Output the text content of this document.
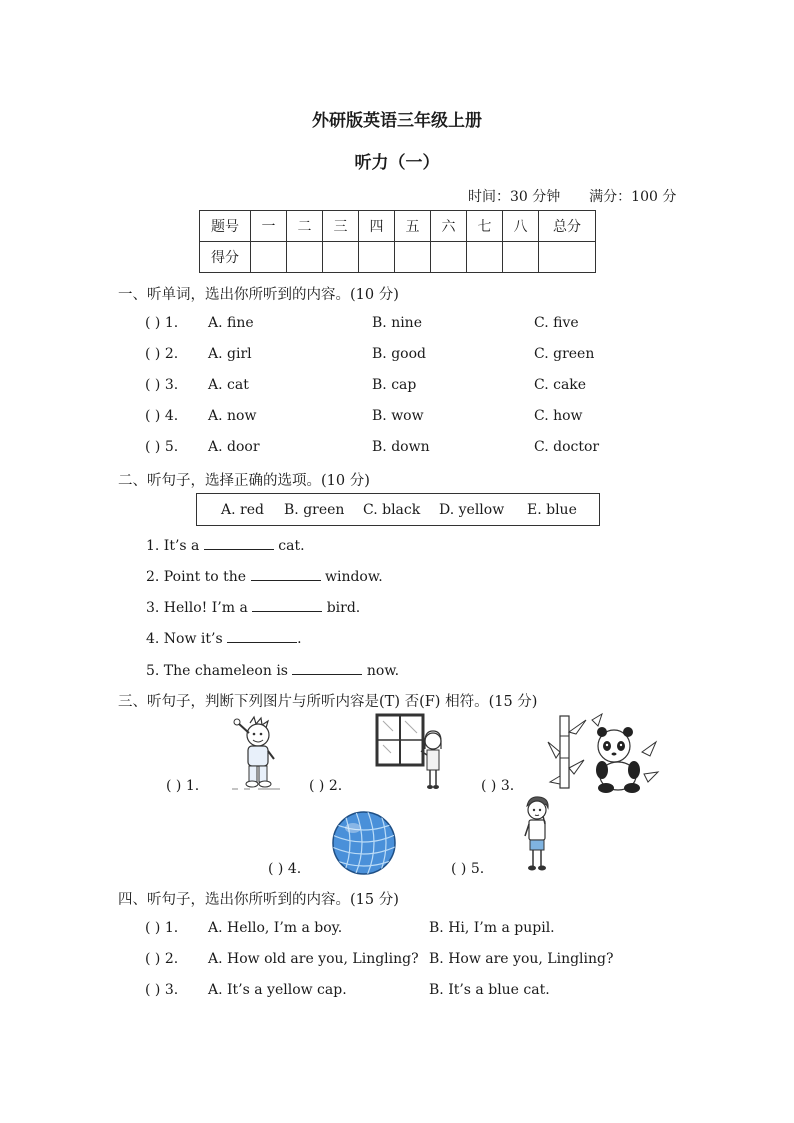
外研版英语三年级上册
听力（一）
时间：30 分钟 满分：100 分
题号	一	二	三	四	五	六	七	八	总分
得分									
一、听单词，选出你所听到的内容。(10 分)
( ) 1. A. fine	B. nine	C. five
( ) 2. A. girl	B. good	C. green
( ) 3. A. cat	B. cap	C. cake
( ) 4. A. now	B. wow	C. how
( ) 5. A. door	B. down	C. doctor
二、听句子，选择正确的选项。(10 分)
A. red B. green C. black D. yellow E. blue
1. It’s a	cat.
2. Point to the	window.
3. Hello! I’m a	bird.
4. Now it’s	.
5. The chameleon is	now.
三、听句子，判断下列图片与所听内容是(T) 否(F) 相符。(15 分)
( ) 1.	( ) 2.	( ) 3.
( ) 4.	( ) 5.
四、听句子，选出你所听到的内容。(15 分)
( ) 1. A. Hello, I’m a boy.	B. Hi, I’m a pupil.
( ) 2. A. How old are you, Lingling? B. How are you, Lingling?
( ) 3. A. It’s a yellow cap.	B. It’s a blue cat.
